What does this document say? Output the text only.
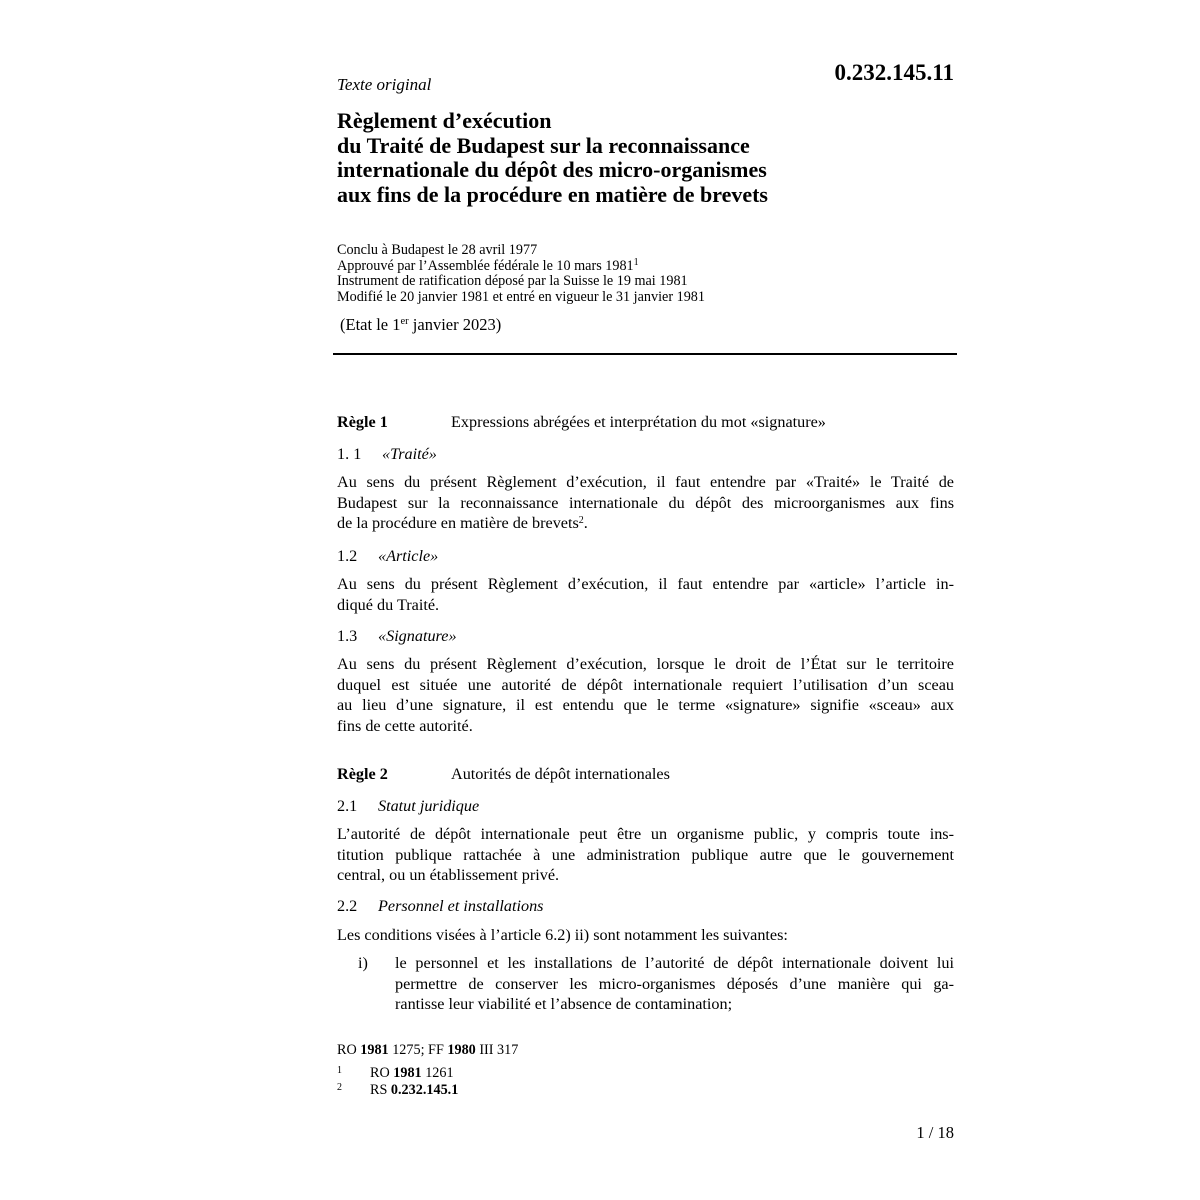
0.232.145.11
Texte original
Règlement d’exécution
du Traité de Budapest sur la reconnaissance
internationale du dépôt des micro-organismes
aux fins de la procédure en matière de brevets
Conclu à Budapest le 28 avril 1977
Approuvé par l’Assemblée fédérale le 10 mars 1981$^1$
Instrument de ratification déposé par la Suisse le 19 mai 1981
Modifié le 20 janvier 1981 et entré en vigueur le 31 janvier 1981
(Etat le 1er janvier 2023)
Règle 1	Expressions abrégées et interprétation du mot «signature»
1. 1 «Traité»
Au sens du présent Règlement d’exécution, il faut entendre par «Traité» le Traité de
Budapest sur la reconnaissance internationale du dépôt des microorganismes aux fins
de la procédure en matière de brevets$^2$.
1.2 «Article»
Au sens du présent Règlement d’exécution, il faut entendre par «article» l’article in-
diqué du Traité.
1.3 «Signature»
Au sens du présent Règlement d’exécution, lorsque le droit de l’État sur le territoire
duquel est située une autorité de dépôt internationale requiert l’utilisation d’un sceau
au lieu d’une signature, il est entendu que le terme «signature» signifie «sceau» aux
fins de cette autorité.
Règle 2	Autorités de dépôt internationales
2.1 Statut juridique
L’autorité de dépôt internationale peut être un organisme public, y compris toute ins-
titution publique rattachée à une administration publique autre que le gouvernement
central, ou un établissement privé.
2.2 Personnel et installations
Les conditions visées à l’article 6.2) ii) sont notamment les suivantes:
i) le personnel et les installations de l’autorité de dépôt internationale doivent lui
permettre de conserver les micro-organismes déposés d’une manière qui ga-
rantisse leur viabilité et l’absence de contamination;
RO 1981 1275; FF 1980 III 317
1 RO 1981 1261
2 RS 0.232.145.1
1 / 18
